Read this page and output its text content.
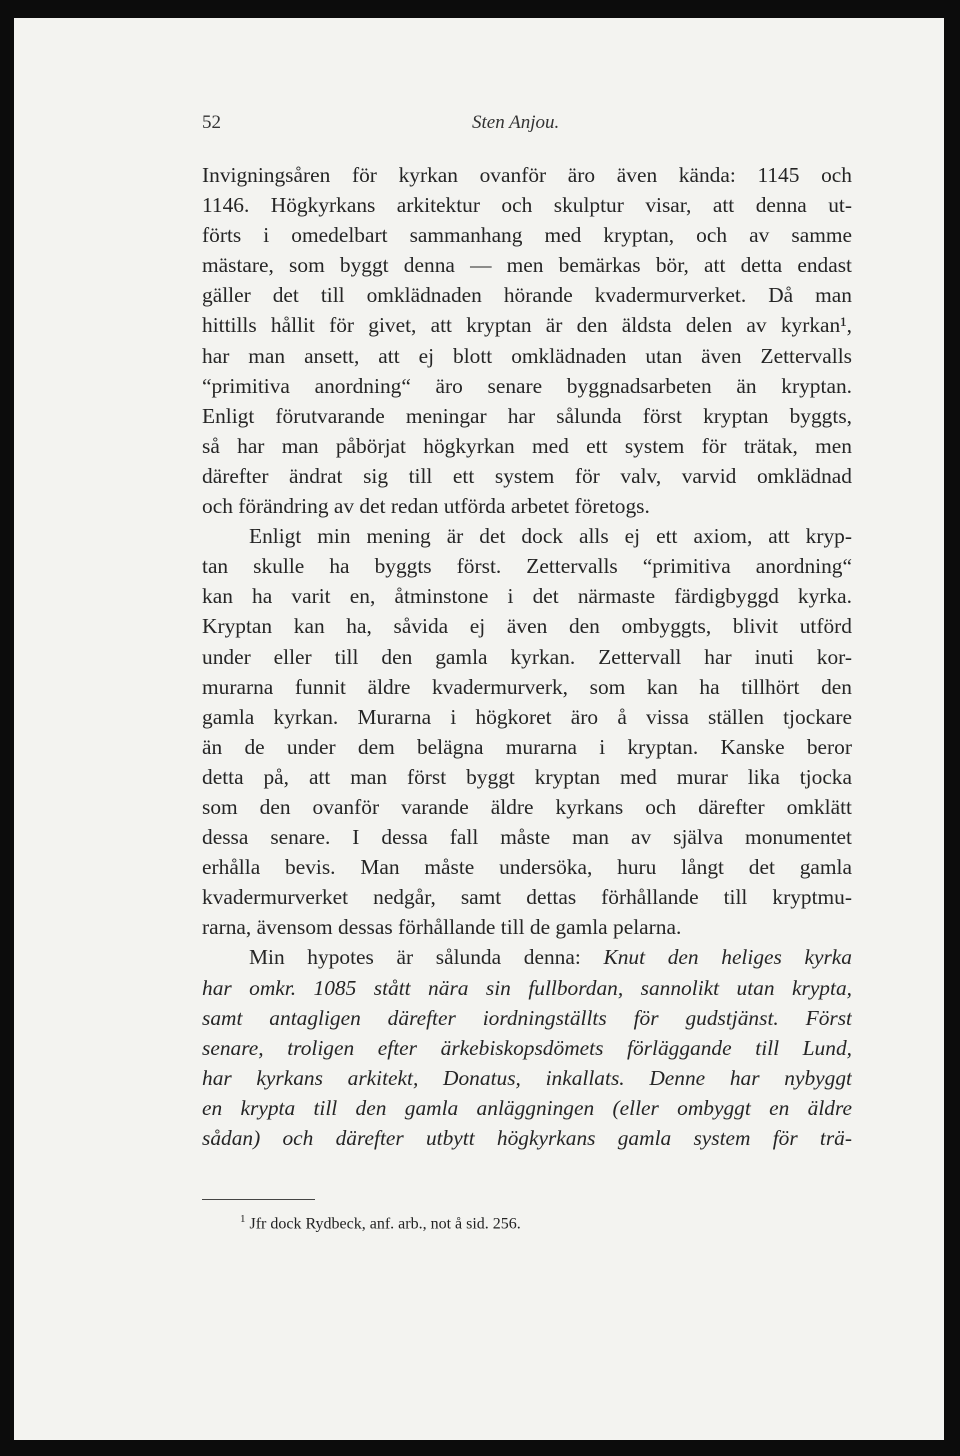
52	Sten Anjou.
Invigningsåren för kyrkan ovanför äro även kända: 1145 och
1146. Högkyrkans arkitektur och skulptur visar, att denna ut-
förts i omedelbart sammanhang med kryptan, och av samme
mästare, som byggt denna — men bemärkas bör, att detta endast
gäller det till omklädnaden hörande kvadermurverket. Då man
hittills hållit för givet, att kryptan är den äldsta delen av kyrkan¹,
har man ansett, att ej blott omklädnaden utan även Zettervalls
“primitiva anordning“ äro senare byggnadsarbeten än kryptan.
Enligt förutvarande meningar har sålunda först kryptan byggts,
så har man påbörjat högkyrkan med ett system för trätak, men
därefter ändrat sig till ett system för valv, varvid omklädnad
och förändring av det redan utförda arbetet företogs.
Enligt min mening är det dock alls ej ett axiom, att kryp-
tan skulle ha byggts först. Zettervalls “primitiva anordning“
kan ha varit en, åtminstone i det närmaste färdigbyggd kyrka.
Kryptan kan ha, såvida ej även den ombyggts, blivit utförd
under eller till den gamla kyrkan. Zettervall har inuti kor-
murarna funnit äldre kvadermurverk, som kan ha tillhört den
gamla kyrkan. Murarna i högkoret äro å vissa ställen tjockare
än de under dem belägna murarna i kryptan. Kanske beror
detta på, att man först byggt kryptan med murar lika tjocka
som den ovanför varande äldre kyrkans och därefter omklätt
dessa senare. I dessa fall måste man av själva monumentet
erhålla bevis. Man måste undersöka, huru långt det gamla
kvadermurverket nedgår, samt dettas förhållande till kryptmu-
rarna, ävensom dessas förhållande till de gamla pelarna.
Min hypotes är sålunda denna: Knut den heliges kyrka
har omkr. 1085 stått nära sin fullbordan, sannolikt utan krypta,
samt antagligen därefter iordningställts för gudstjänst. Först
senare, troligen efter ärkebiskopsdömets förläggande till Lund,
har kyrkans arkitekt, Donatus, inkallats. Denne har nybyggt
en krypta till den gamla anläggningen (eller ombyggt en äldre
sådan) och därefter utbytt högkyrkans gamla system för trä-
$^1$ Jfr dock Rydbeck, anf. arb., not å sid. 256.
